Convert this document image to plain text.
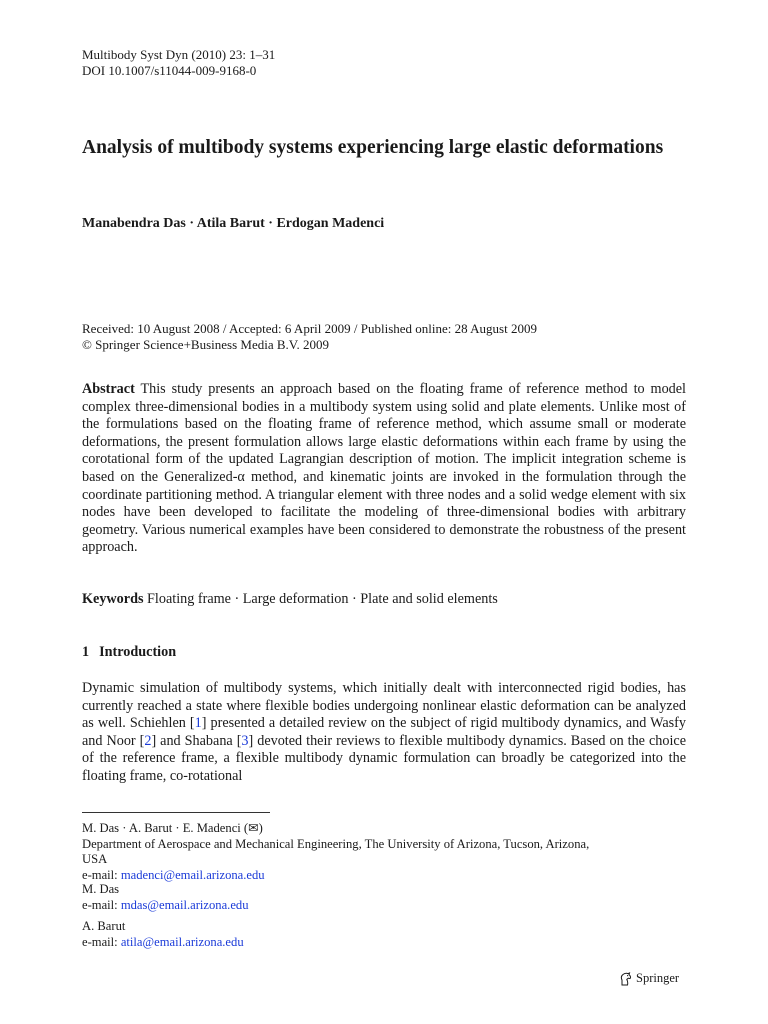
Multibody Syst Dyn (2010) 23: 1–31
DOI 10.1007/s11044-009-9168-0
Analysis of multibody systems experiencing large elastic deformations
Manabendra Das · Atila Barut · Erdogan Madenci
Received: 10 August 2008 / Accepted: 6 April 2009 / Published online: 28 August 2009
© Springer Science+Business Media B.V. 2009
Abstract This study presents an approach based on the floating frame of reference method to model complex three-dimensional bodies in a multibody system using solid and plate elements. Unlike most of the formulations based on the floating frame of reference method, which assume small or moderate deformations, the present formulation allows large elastic deformations within each frame by using the corotational form of the updated Lagrangian description of motion. The implicit integration scheme is based on the Generalized-α method, and kinematic joints are invoked in the formulation through the coordinate partitioning method. A triangular element with three nodes and a solid wedge element with six nodes have been developed to facilitate the modeling of three-dimensional bodies with arbitrary geometry. Various numerical examples have been considered to demonstrate the robustness of the present approach.
Keywords Floating frame · Large deformation · Plate and solid elements
1 Introduction
Dynamic simulation of multibody systems, which initially dealt with interconnected rigid bodies, has currently reached a state where flexible bodies undergoing nonlinear elastic deformation can be analyzed as well. Schiehlen [1] presented a detailed review on the subject of rigid multibody dynamics, and Wasfy and Noor [2] and Shabana [3] devoted their reviews to flexible multibody dynamics. Based on the choice of the reference frame, a flexible multibody dynamic formulation can broadly be categorized into the floating frame, co-rotational
M. Das · A. Barut · E. Madenci (✉)
Department of Aerospace and Mechanical Engineering, The University of Arizona, Tucson, Arizona,
USA
e-mail: madenci@email.arizona.edu
M. Das
e-mail: mdas@email.arizona.edu
A. Barut
e-mail: atila@email.arizona.edu
Springer
